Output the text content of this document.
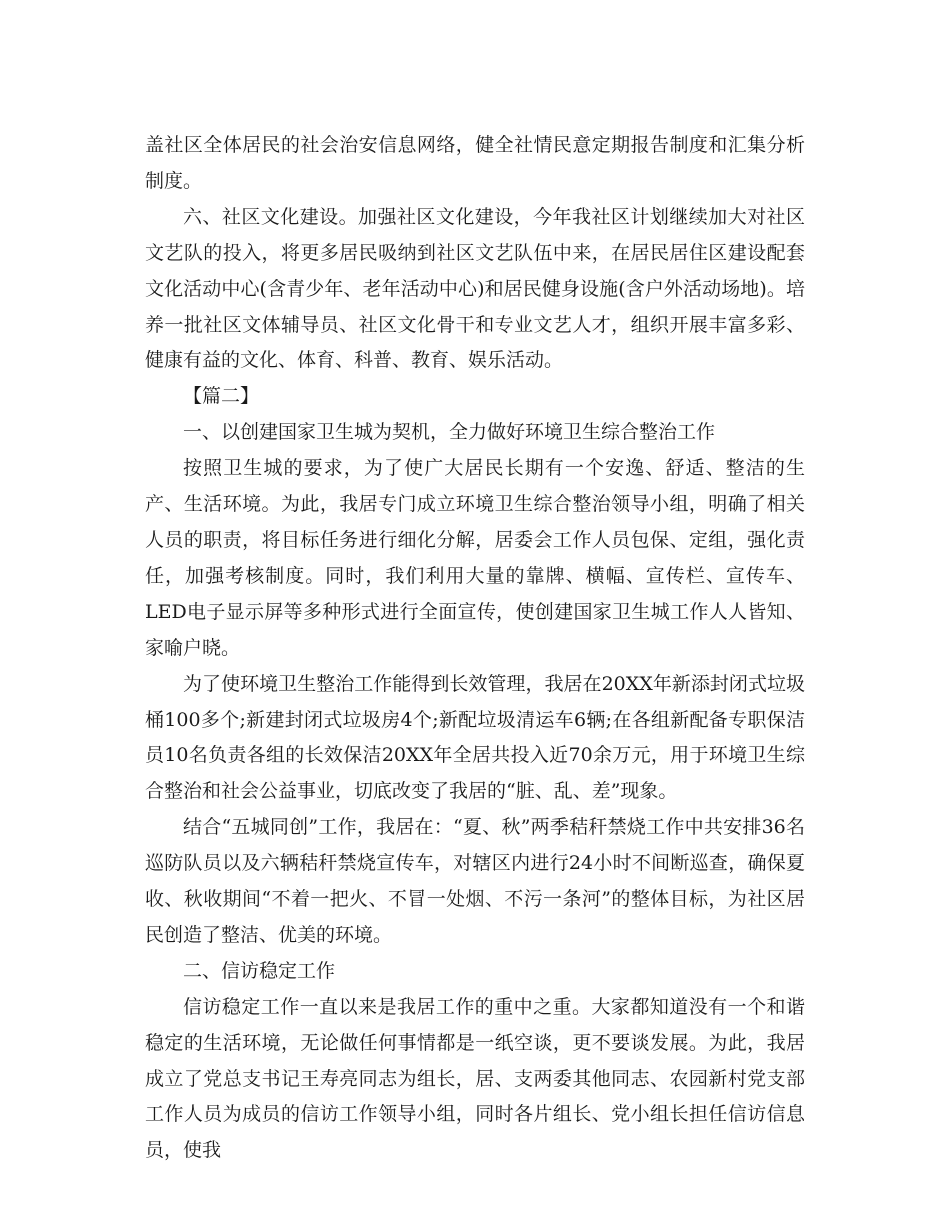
盖社区全体居民的社会治安信息网络，健全社情民意定期报告制度和汇集分析制度。

六、社区文化建设。加强社区文化建设，今年我社区计划继续加大对社区文艺队的投入，将更多居民吸纳到社区文艺队伍中来，在居民居住区建设配套文化活动中心(含青少年、老年活动中心)和居民健身设施(含户外活动场地)。培养一批社区文体辅导员、社区文化骨干和专业文艺人才，组织开展丰富多彩、健康有益的文化、体育、科普、教育、娱乐活动。

【篇二】

一、以创建国家卫生城为契机，全力做好环境卫生综合整治工作

按照卫生城的要求，为了使广大居民长期有一个安逸、舒适、整洁的生产、生活环境。为此，我居专门成立环境卫生综合整治领导小组，明确了相关人员的职责，将目标任务进行细化分解，居委会工作人员包保、定组，强化责任，加强考核制度。同时，我们利用大量的靠牌、横幅、宣传栏、宣传车、LED电子显示屏等多种形式进行全面宣传，使创建国家卫生城工作人人皆知、家喻户晓。

为了使环境卫生整治工作能得到长效管理，我居在20XX年新添封闭式垃圾桶100多个;新建封闭式垃圾房4个;新配垃圾清运车6辆;在各组新配备专职保洁员10名负责各组的长效保洁20XX年全居共投入近70余万元，用于环境卫生综合整治和社会公益事业，切底改变了我居的“脏、乱、差”现象。

结合“五城同创”工作，我居在：“夏、秋”两季秸秆禁烧工作中共安排36名巡防队员以及六辆秸秆禁烧宣传车，对辖区内进行24小时不间断巡查，确保夏收、秋收期间“不着一把火、不冒一处烟、不污一条河”的整体目标，为社区居民创造了整洁、优美的环境。

二、信访稳定工作

信访稳定工作一直以来是我居工作的重中之重。大家都知道没有一个和谐稳定的生活环境，无论做任何事情都是一纸空谈，更不要谈发展。为此，我居成立了党总支书记王寿亮同志为组长，居、支两委其他同志、农园新村党支部工作人员为成员的信访工作领导小组，同时各片组长、党小组长担任信访信息员，使我
